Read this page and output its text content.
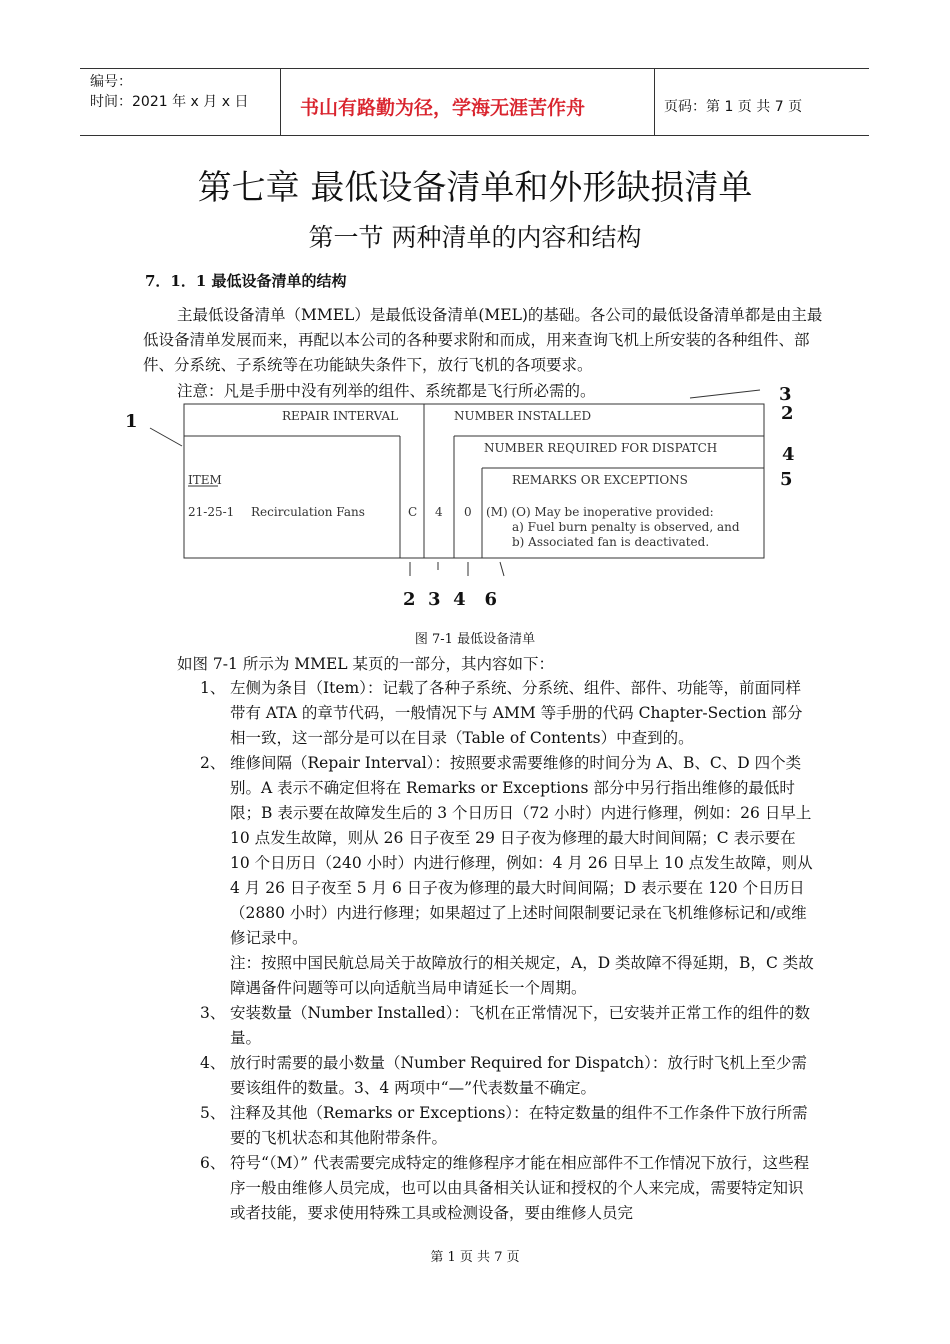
编号：
时间：2021 年 x 月 x 日	书山有路勤为径，学海无涯苦作舟	页码：第 1 页 共 7 页
第七章 最低设备清单和外形缺损清单
第一节 两种清单的内容和结构
7．1．1 最低设备清单的结构

主最低设备清单（MMEL）是最低设备清单(MEL)的基础。各公司的最低设备清单都是由主最低设备清单发展而来，再配以本公司的各种要求附和而成，用来查询飞机上所安装的各种组件、部件、分系统、子系统等在功能缺失条件下，放行飞机的各项要求。

注意：凡是手册中没有列举的组件、系统都是飞行所必需的。
REPAIR INTERVAL	NUMBER INSTALLED
NUMBER REQUIRED FOR DISPATCH
REMARKS OR EXCEPTIONS
ITEM
21-25-1 Recirculation Fans	C 4 0 (M) (O) May be inoperative provided:
a) Fuel burn penalty is observed, and
b) Associated fan is deactivated.
1
3
2
4
5
2  3  4   6
图 7-1 最低设备清单
如图 7-1 所示为 MMEL 某页的一部分，其内容如下：
1、 左侧为条目（Item）：记载了各种子系统、分系统、组件、部件、功能等，前面同样带有 ATA 的章节代码，一般情况下与 AMM 等手册的代码 Chapter-Section 部分相一致，这一部分是可以在目录（Table of Contents）中查到的。
2、 维修间隔（Repair Interval）：按照要求需要维修的时间分为 A、B、C、D 四个类别。A 表示不确定但将在 Remarks or Exceptions 部分中另行指出维修的最低时限；B 表示要在故障发生后的 3 个日历日（72 小时）内进行修理，例如：26 日早上 10 点发生故障，则从 26 日子夜至 29 日子夜为修理的最大时间间隔；C 表示要在 10 个日历日（240 小时）内进行修理，例如：4 月 26 日早上 10 点发生故障，则从 4 月 26 日子夜至 5 月 6 日子夜为修理的最大时间间隔；D 表示要在 120 个日历日（2880 小时）内进行修理；如果超过了上述时间限制要记录在飞机维修标记和/或维修记录中。
注：按照中国民航总局关于故障放行的相关规定，A，D 类故障不得延期，B，C 类故障遇备件问题等可以向适航当局申请延长一个周期。
3、 安装数量（Number Installed）：飞机在正常情况下，已安装并正常工作的组件的数量。
4、 放行时需要的最小数量（Number Required for Dispatch）：放行时飞机上至少需要该组件的数量。3、4 两项中“—”代表数量不确定。
5、 注释及其他（Remarks or Exceptions）：在特定数量的组件不工作条件下放行所需要的飞机状态和其他附带条件。
6、 符号“（M）” 代表需要完成特定的维修程序才能在相应部件不工作情况下放行，这些程序一般由维修人员完成，也可以由具备相关认证和授权的个人来完成，需要特定知识或者技能，要求使用特殊工具或检测设备，要由维修人员完
第 1 页 共 7 页
